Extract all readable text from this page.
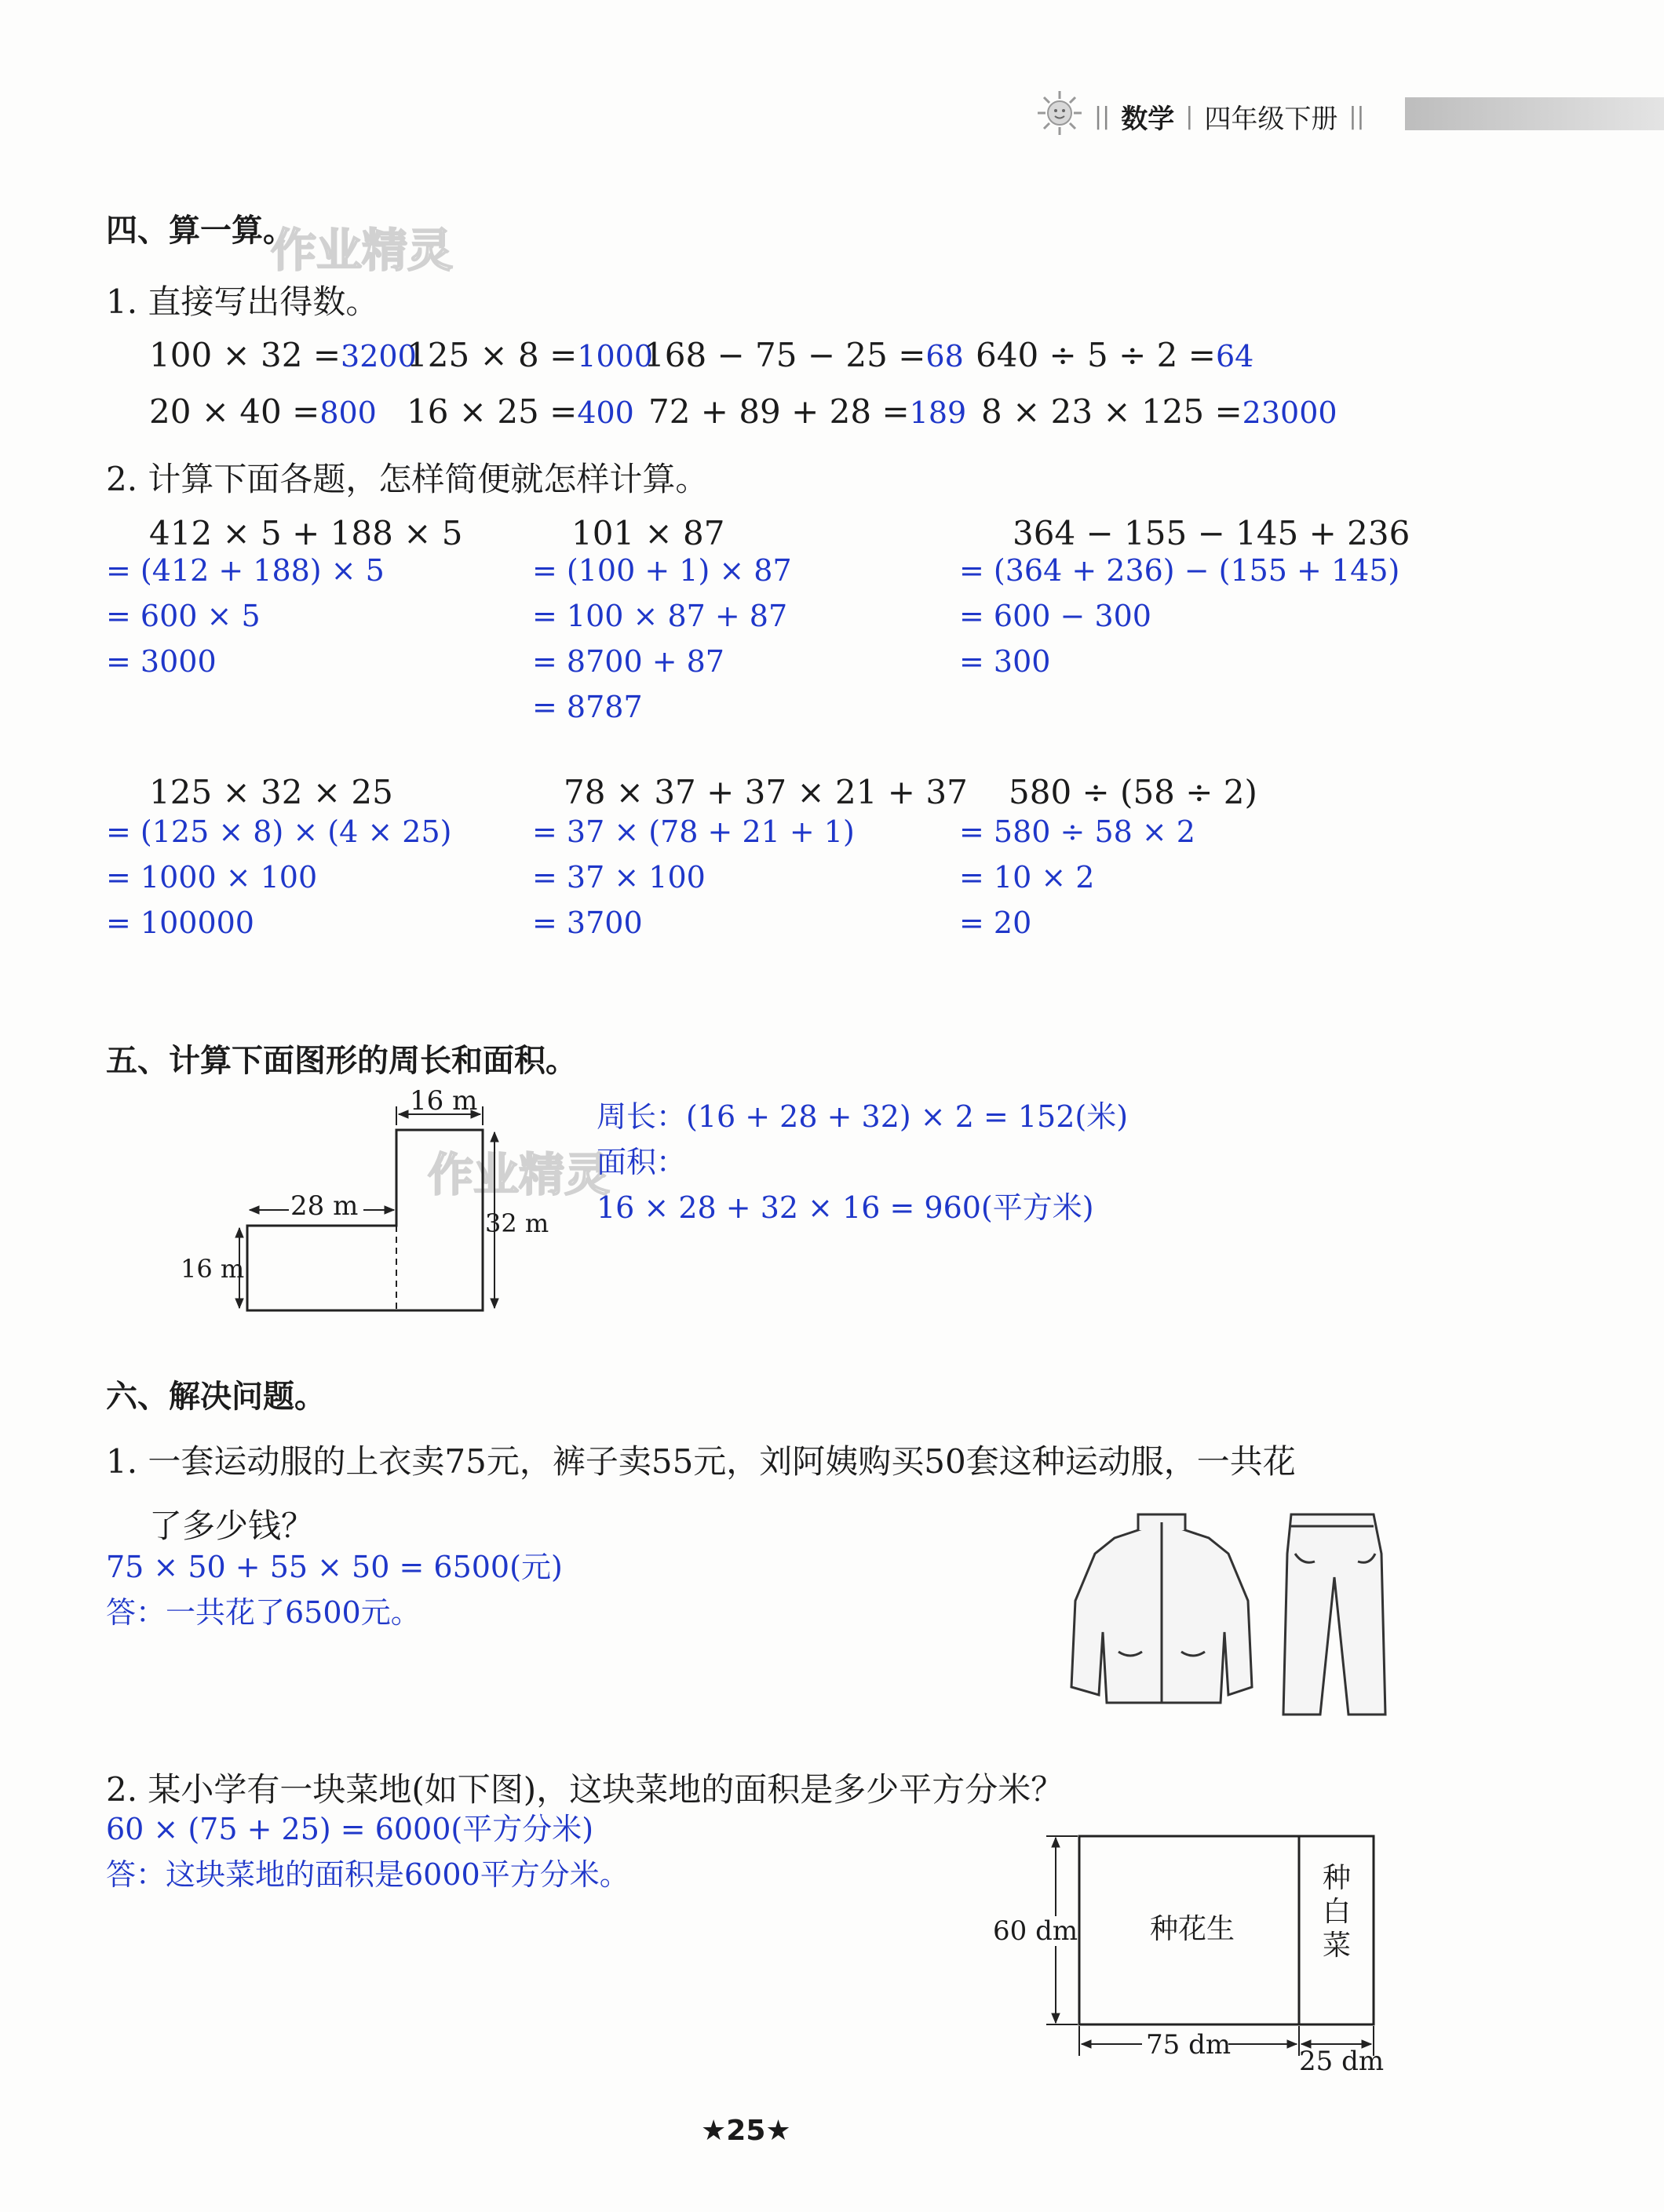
|| 数学 | 四年级下册 ||
作业精灵
作业精灵
四、算一算。
1. 直接写出得数。
100 × 32 =3200
125 × 8 =1000
168 − 75 − 25 =68 640 ÷ 5 ÷ 2 =64
20 × 40 =800 16 × 25 =400 72 + 89 + 28 =189 8 × 23 × 125 =23000
2. 计算下面各题，怎样简便就怎样计算。
412 × 5 + 188 × 5
= (412 + 188) × 5
= 600 × 5
= 3000
101 × 87
= (100 + 1) × 87
= 100 × 87 + 87
= 8700 + 87
= 8787
364 − 155 − 145 + 236
= (364 + 236) − (155 + 145)
= 600 − 300
= 300
125 × 32 × 25
= (125 × 8) × (4 × 25)
= 1000 × 100
= 100000
78 × 37 + 37 × 21 + 37
= 37 × (78 + 21 + 1)
= 37 × 100
= 3700
580 ÷ (58 ÷ 2)
= 580 ÷ 58 × 2
= 10 × 2
= 20
五、计算下面图形的周长和面积。
16 m
28 m
32 m
16 m
周长：(16 + 28 + 32) × 2 = 152(米)
面积：
16 × 28 + 32 × 16 = 960(平方米)
六、解决问题。
1. 一套运动服的上衣卖75元，裤子卖55元，刘阿姨购买50套这种运动服，一共花
了多少钱？
75 × 50 + 55 × 50 = 6500(元)
答：一共花了6500元。
2. 某小学有一块菜地(如下图)，这块菜地的面积是多少平方分米？
60 × (75 + 25) = 6000(平方分米)
答：这块菜地的面积是6000平方分米。
60 dm
75 dm
25 dm
种花生
种
白
菜
★25★
